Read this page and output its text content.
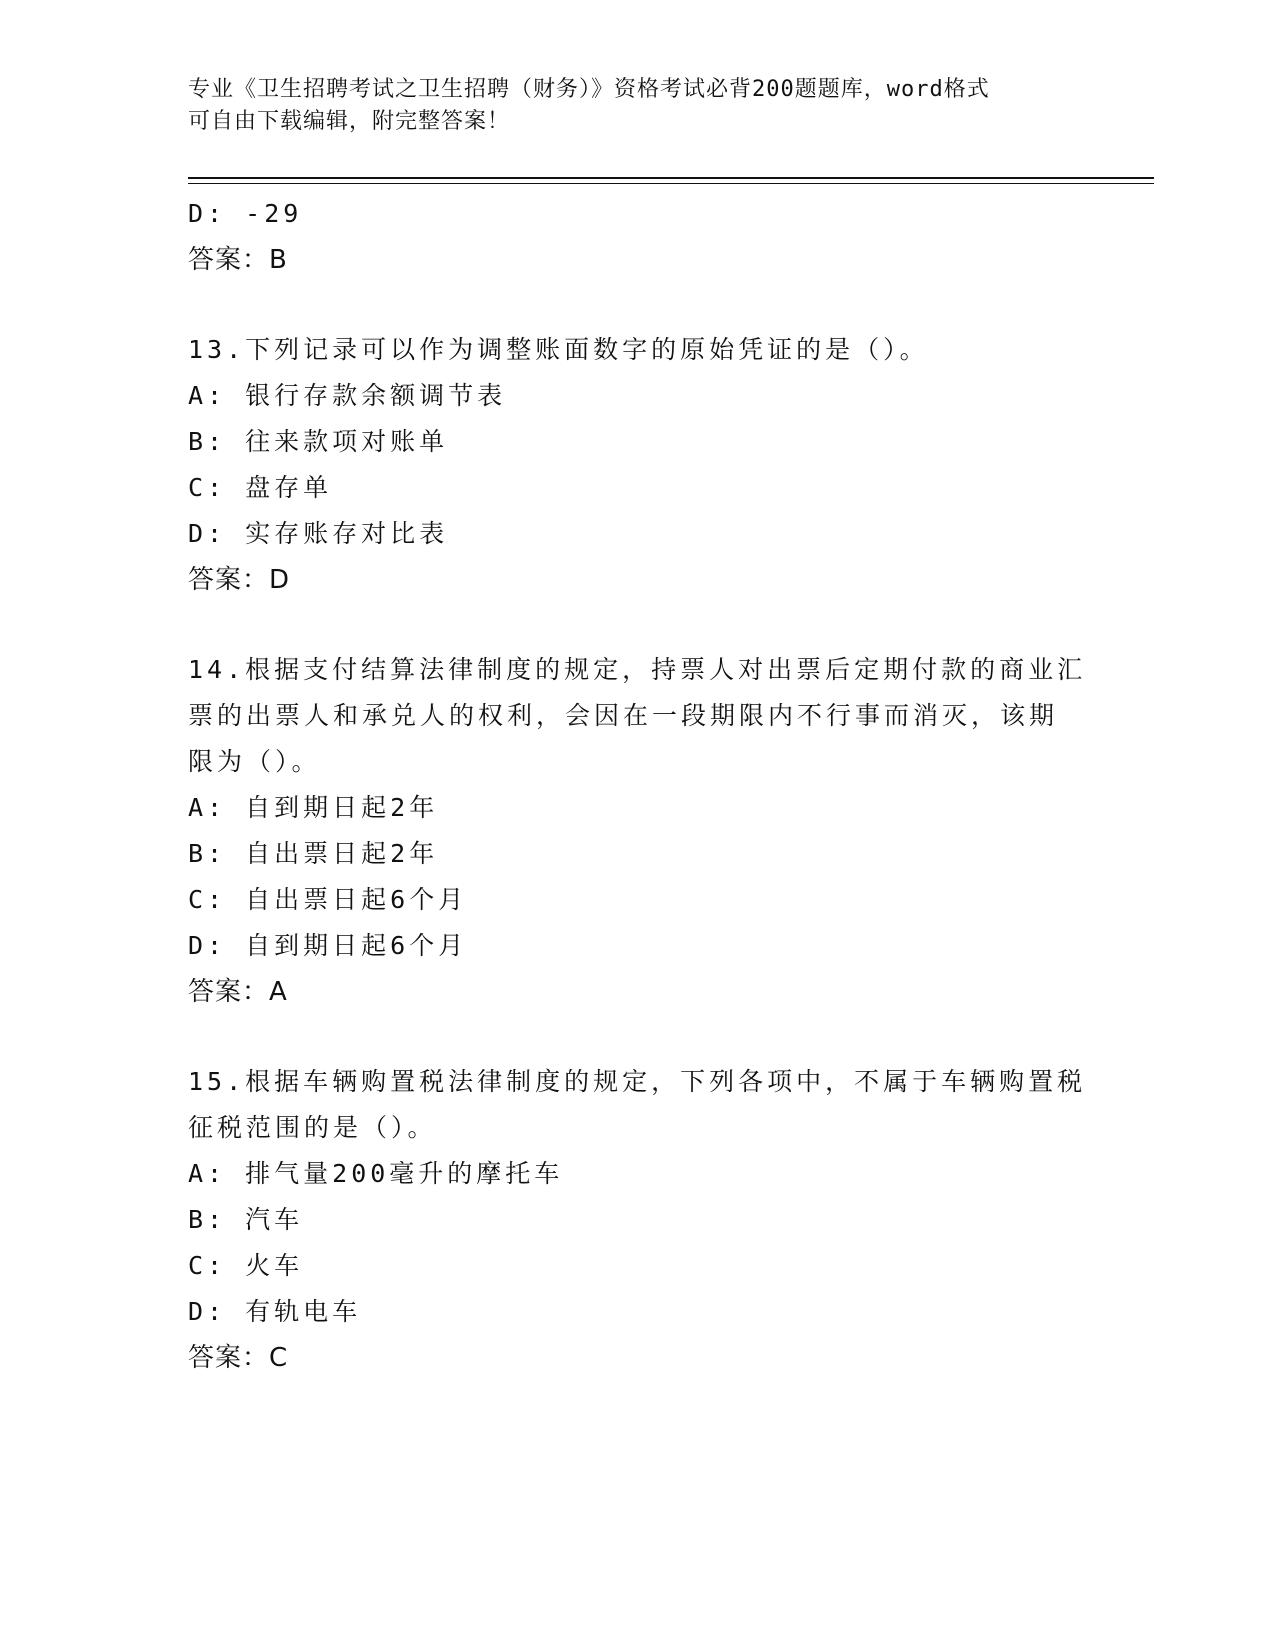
专业《卫生招聘考试之卫生招聘（财务）》资格考试必背200题题库，word格式
可自由下载编辑，附完整答案！
D: -29
答案：B
13.下列记录可以作为调整账面数字的原始凭证的是（）。
A: 银行存款余额调节表
B: 往来款项对账单
C: 盘存单
D: 实存账存对比表
答案：D
14.根据支付结算法律制度的规定，持票人对出票后定期付款的商业汇
票的出票人和承兑人的权利，会因在一段期限内不行事而消灭，该期
限为（）。
A: 自到期日起2年
B: 自出票日起2年
C: 自出票日起6个月
D: 自到期日起6个月
答案：A
15.根据车辆购置税法律制度的规定，下列各项中，不属于车辆购置税
征税范围的是（）。
A: 排气量200毫升的摩托车
B: 汽车
C: 火车
D: 有轨电车
答案：C
